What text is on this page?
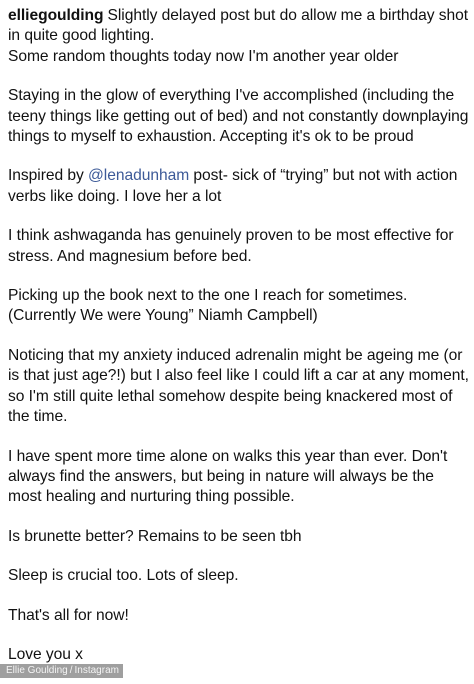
elliegoulding Slightly delayed post but do allow me a birthday shot in quite good lighting.

Some random thoughts today now I'm another year older

Staying in the glow of everything I've accomplished (including the teeny things like getting out of bed) and not constantly downplaying things to myself to exhaustion. Accepting it's ok to be proud

Inspired by @lenadunham post- sick of “trying” but not with action verbs like doing. I love her a lot

I think ashwaganda has genuinely proven to be most effective for stress. And magnesium before bed.

Picking up the book next to the one I reach for sometimes. (Currently We were Young” Niamh Campbell)

Noticing that my anxiety induced adrenalin might be ageing me (or is that just age?!) but I also feel like I could lift a car at any moment, so I'm still quite lethal somehow despite being knackered most of the time.

I have spent more time alone on walks this year than ever. Don't always find the answers, but being in nature will always be the most healing and nurturing thing possible.

Is brunette better? Remains to be seen tbh

Sleep is crucial too. Lots of sleep.

That's all for now!

Love you x

Ellie Goulding / Instagram
